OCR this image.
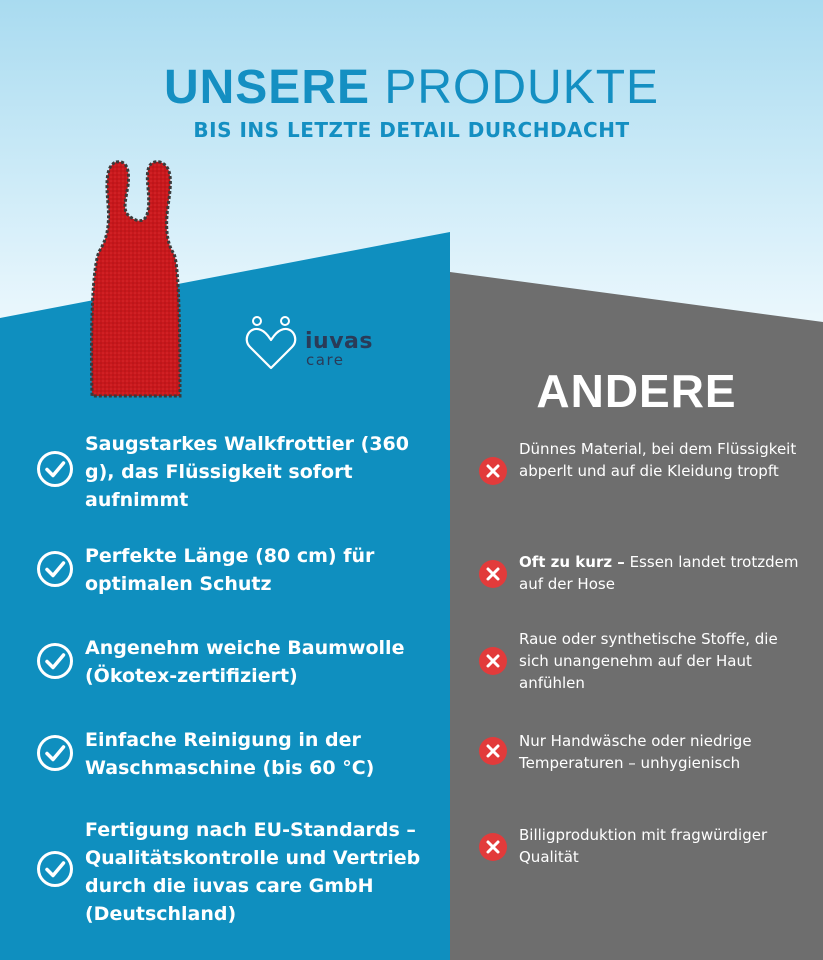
UNSERE PRODUKTE

BIS INS LETZTE DETAIL DURCHDACHT

iuvas
care
ANDERE

Saugstarkes Walkfrottier (360 g), das Flüssigkeit sofort aufnimmt

Perfekte Länge (80 cm) für optimalen Schutz

Angenehm weiche Baumwolle (Ökotex-zertifiziert)

Einfache Reinigung in der Waschmaschine (bis 60 °C)

Fertigung nach EU-Standards – Qualitätskontrolle und Vertrieb durch die iuvas care GmbH (Deutschland)

Dünnes Material, bei dem Flüssigkeit abperlt und auf die Kleidung tropft

Oft zu kurz – Essen landet trotzdem auf der Hose

Raue oder synthetische Stoffe, die sich unangenehm auf der Haut anfühlen

Nur Handwäsche oder niedrige Temperaturen – unhygienisch

Billigproduktion mit fragwürdiger Qualität
